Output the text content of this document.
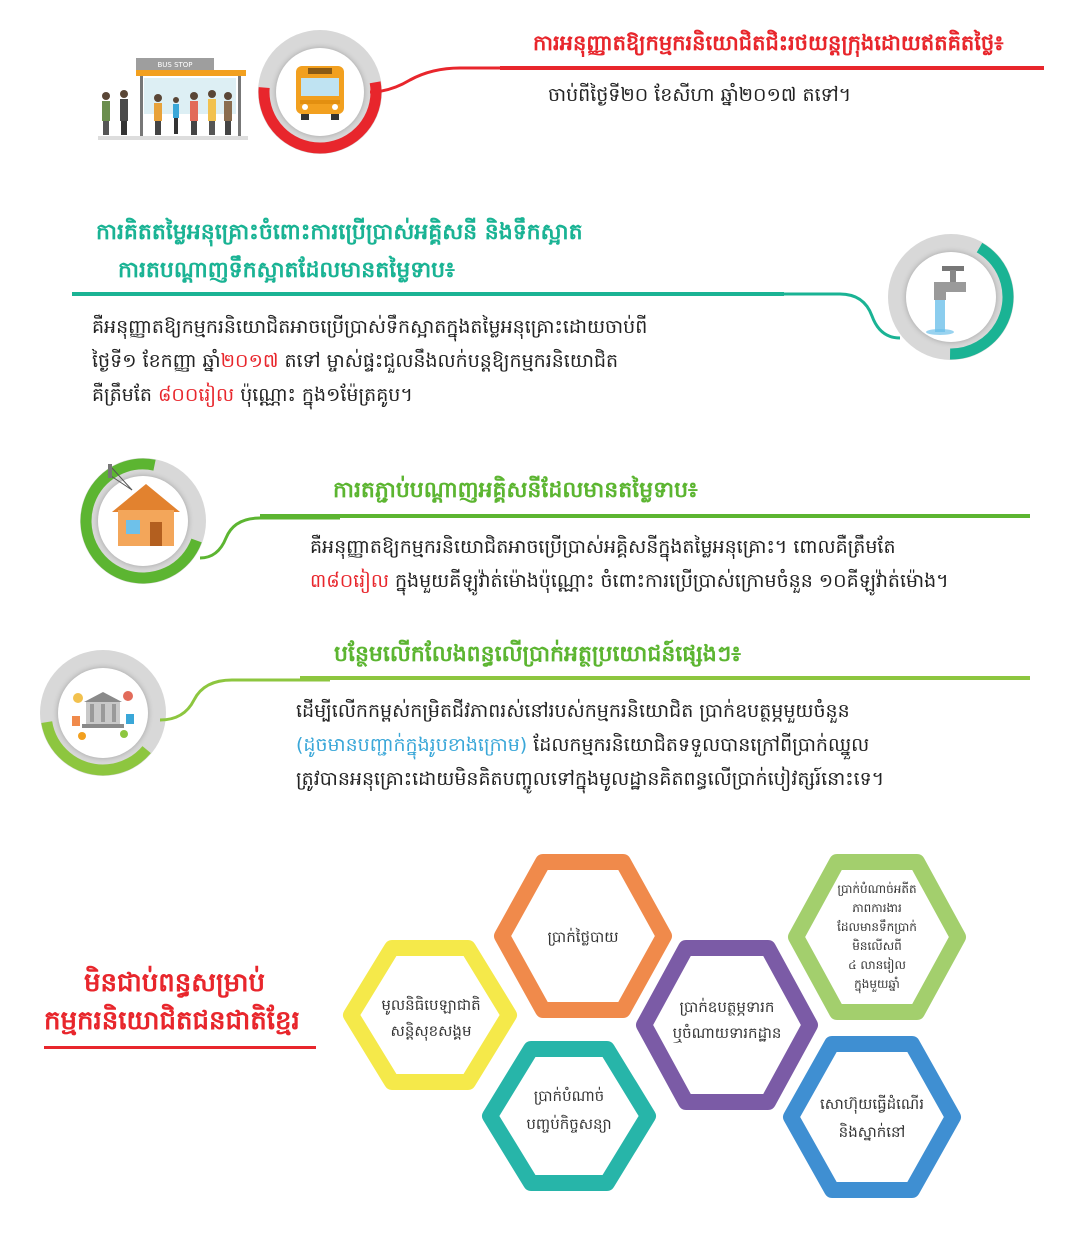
BUS STOP
ការអនុញ្ញាតឱ្យកម្មករនិយោជិតជិះរថយន្តក្រុងដោយឥតគិតថ្លៃ៖
ចាប់ពីថ្ងៃទី២០ ខែសីហា ឆ្នាំ២០១៧ តទៅ។
ការគិតតម្លៃអនុគ្រោះចំពោះការប្រើប្រាស់អគ្គិសនី និងទឹកស្អាត
ការតបណ្តាញទឹកស្អាតដែលមានតម្លៃទាប៖
គឺអនុញ្ញាតឱ្យកម្មករនិយោជិតអាចប្រើប្រាស់ទឹកស្អាតក្នុងតម្លៃអនុគ្រោះដោយចាប់ពី
ថ្ងៃទី១ ខែកញ្ញា ឆ្នាំ២០១៧ តទៅ ម្ចាស់ផ្ទះជួលនឹងលក់បន្តឱ្យកម្មករនិយោជិត
គឺត្រឹមតែ ៨០០រៀល ប៉ុណ្ណោះ ក្នុង១ម៉ែត្រគូប។
ការតភ្ជាប់បណ្តាញអគ្គិសនីដែលមានតម្លៃទាប៖
គឺអនុញ្ញាតឱ្យកម្មករនិយោជិតអាចប្រើប្រាស់អគ្គិសនីក្នុងតម្លៃអនុគ្រោះ។ ពោលគឺត្រឹមតែ
៣៨០រៀល ក្នុងមួយគីឡូវ៉ាត់ម៉ោងប៉ុណ្ណោះ ចំពោះការប្រើប្រាស់ក្រោមចំនួន ១០គីឡូវ៉ាត់ម៉ោង។
បន្ថែមលើកលែងពន្ធលើប្រាក់អត្ថប្រយោជន៍ផ្សេងៗ៖
ដើម្បីលើកកម្ពស់កម្រិតជីវភាពរស់នៅរបស់កម្មករនិយោជិត ប្រាក់ឧបត្ថម្ភមួយចំនួន
(ដូចមានបញ្ជាក់ក្នុងរូបខាងក្រោម) ដែលកម្មករនិយោជិតទទួលបានក្រៅពីប្រាក់ឈ្នួល
ត្រូវបានអនុគ្រោះដោយមិនគិតបញ្ចូលទៅក្នុងមូលដ្ឋានគិតពន្ធលើប្រាក់បៀវត្សរ៍នោះទេ។
មិនជាប់ពន្ធសម្រាប់
កម្មករនិយោជិតជនជាតិខ្មែរ
ប្រាក់ថ្លៃបាយ
មូលនិធិបេឡាជាតិ
សន្តិសុខសង្គម
ប្រាក់ឧបត្ថម្ភទារក
ឬចំណាយទារកដ្ឋាន
ប្រាក់បំណាច់
បញ្ចប់កិច្ចសន្យា
ប្រាក់បំណាច់អតីត
ភាពការងារ
ដែលមានទឹកប្រាក់
មិនលើសពី
៤ លានរៀល
ក្នុងមួយឆ្នាំ
សោហ៊ុយធ្វើដំណើរ
និងស្នាក់នៅ
